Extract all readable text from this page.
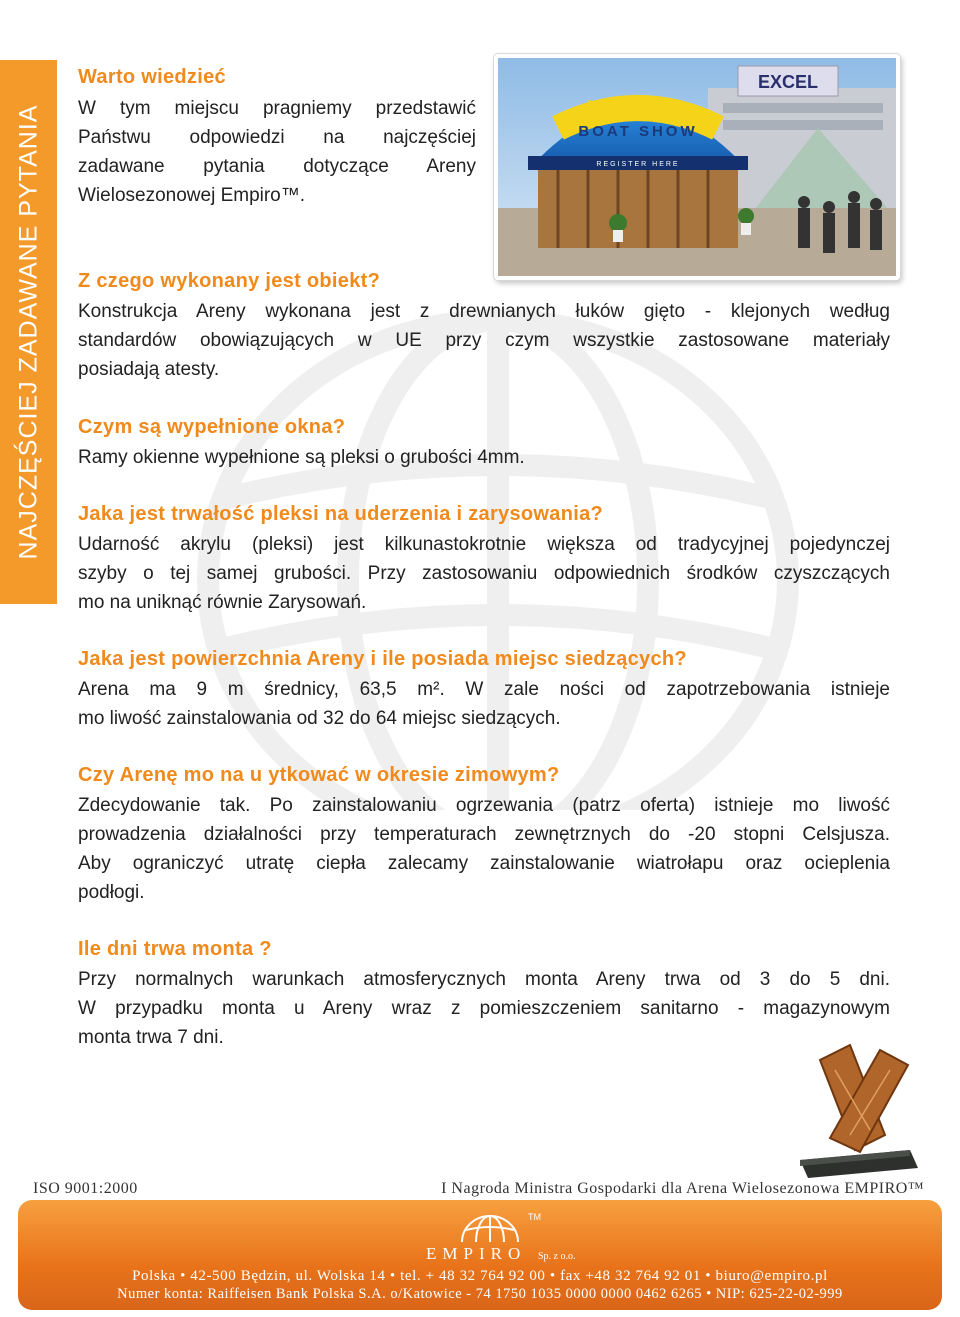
NAJCZĘŚCIEJ ZADAWANE PYTANIA
EXCEL
LONDON
BOAT SHOW
REGISTER HERE
Warto wiedzieć
W tym miejscu pragniemy przedstawić
Państwu odpowiedzi na najczęściej
zadawane pytania dotyczące Areny
Wielosezonowej Empiro™.
Z czego wykonany jest obiekt?
Konstrukcja Areny wykonana jest z drewnianych łuków gięto - klejonych według
standardów obowiązujących w UE przy czym wszystkie zastosowane materiały
posiadają atesty.
Czym są wypełnione okna?
Ramy okienne wypełnione są pleksi o grubości 4mm.
Jaka jest trwałość pleksi na uderzenia i zarysowania?
Udarność akrylu (pleksi) jest kilkunastokrotnie większa od tradycyjnej pojedynczej
szyby o tej samej grubości. Przy zastosowaniu odpowiednich środków czyszczących
mo na uniknąć równie Zarysowań.
Jaka jest powierzchnia Areny i ile posiada miejsc siedzących?
Arena ma 9 m średnicy, 63,5 m². W zale ności od zapotrzebowania istnieje
mo liwość zainstalowania od 32 do 64 miejsc siedzących.
Czy Arenę mo na u ytkować w okresie zimowym?
Zdecydowanie tak. Po zainstalowaniu ogrzewania (patrz oferta) istnieje mo liwość
prowadzenia działalności przy temperaturach zewnętrznych do -20 stopni Celsjusza.
Aby ograniczyć utratę ciepła zalecamy zainstalowanie wiatrołapu oraz ocieplenia
podłogi.
Ile dni trwa monta ?
Przy normalnych warunkach atmosferycznych monta Areny trwa od 3 do 5 dni.
W przypadku monta u Areny wraz z pomieszczeniem sanitarno - magazynowym
monta trwa 7 dni.
ISO 9001:2000	I Nagroda Ministra Gospodarki dla Arena Wielosezonowa EMPIRO™
TM
EMPIRO Sp. z o.o.
Polska • 42-500 Będzin, ul. Wolska 14 • tel. + 48 32 764 92 00 • fax +48 32 764 92 01 • biuro@empiro.pl
Numer konta: Raiffeisen Bank Polska S.A. o/Katowice - 74 1750 1035 0000 0000 0462 6265 • NIP: 625-22-02-999
